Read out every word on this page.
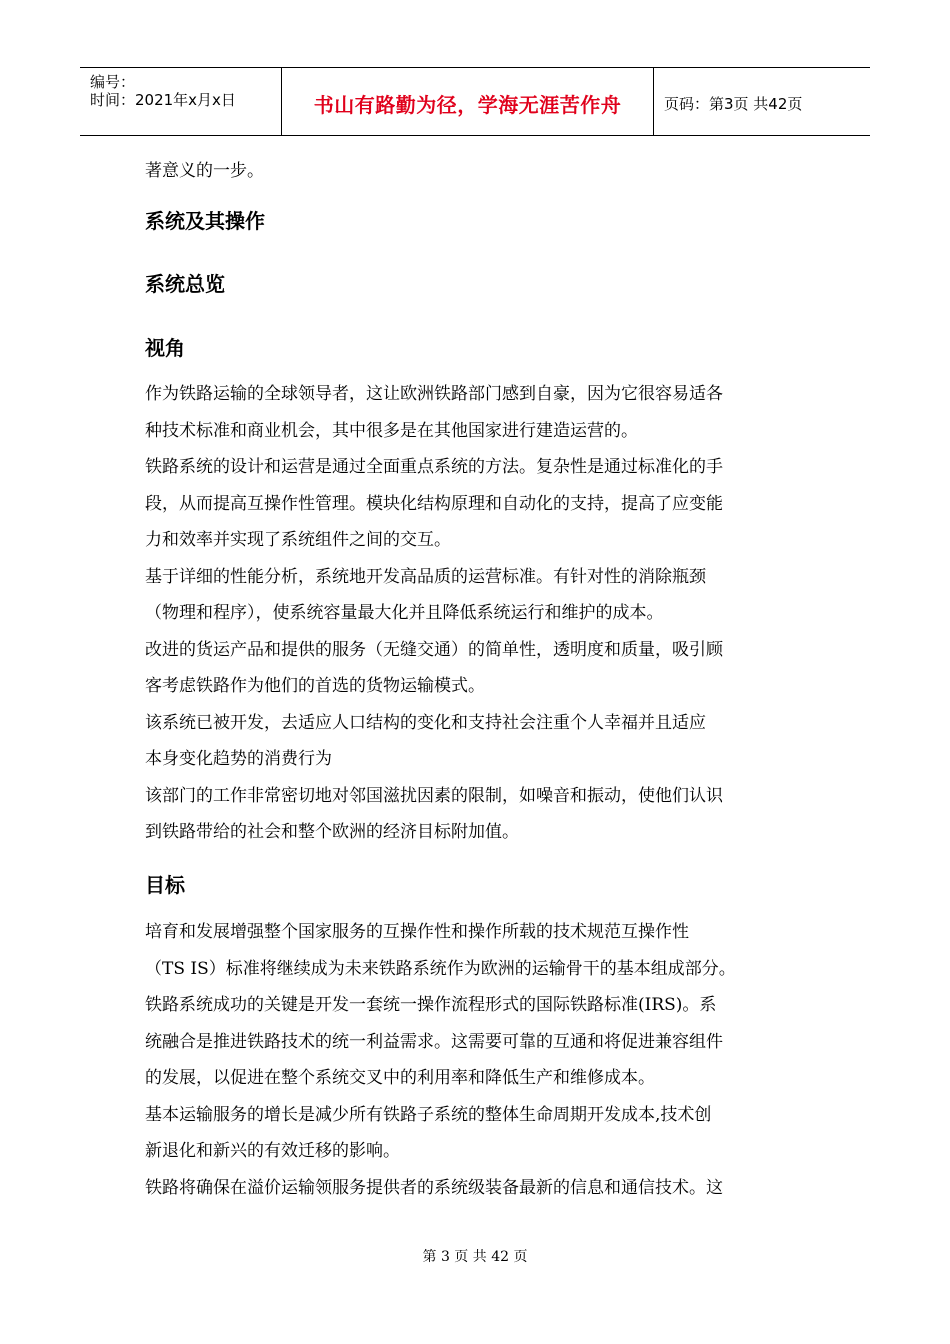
编号：
时间：2021年x月x日	书山有路勤为径，学海无涯苦作舟	页码：第3页 共42页
著意义的一步。
系统及其操作
系统总览
视角
作为铁路运输的全球领导者，这让欧洲铁路部门感到自豪，因为它很容易适各
种技术标准和商业机会，其中很多是在其他国家进行建造运营的。
铁路系统的设计和运营是通过全面重点系统的方法。复杂性是通过标准化的手
段，从而提高互操作性管理。模块化结构原理和自动化的支持，提高了应变能
力和效率并实现了系统组件之间的交互。
基于详细的性能分析，系统地开发高品质的运营标准。有针对性的消除瓶颈
（物理和程序），使系统容量最大化并且降低系统运行和维护的成本。
改进的货运产品和提供的服务（无缝交通）的简单性，透明度和质量，吸引顾
客考虑铁路作为他们的首选的货物运输模式。
该系统已被开发，去适应人口结构的变化和支持社会注重个人幸福并且适应
本身变化趋势的消费行为
该部门的工作非常密切地对邻国滋扰因素的限制，如噪音和振动，使他们认识
到铁路带给的社会和整个欧洲的经济目标附加值。
目标
培育和发展增强整个国家服务的互操作性和操作所载的技术规范互操作性
（TS IS）标准将继续成为未来铁路系统作为欧洲的运输骨干的基本组成部分。
铁路系统成功的关键是开发一套统一操作流程形式的国际铁路标准(IRS)。系
统融合是推进铁路技术的统一利益需求。这需要可靠的互通和将促进兼容组件
的发展，以促进在整个系统交叉中的利用率和降低生产和维修成本。
基本运输服务的增长是减少所有铁路子系统的整体生命周期开发成本,技术创
新退化和新兴的有效迁移的影响。
铁路将确保在溢价运输领服务提供者的系统级装备最新的信息和通信技术。这
第 3 页 共 42 页
